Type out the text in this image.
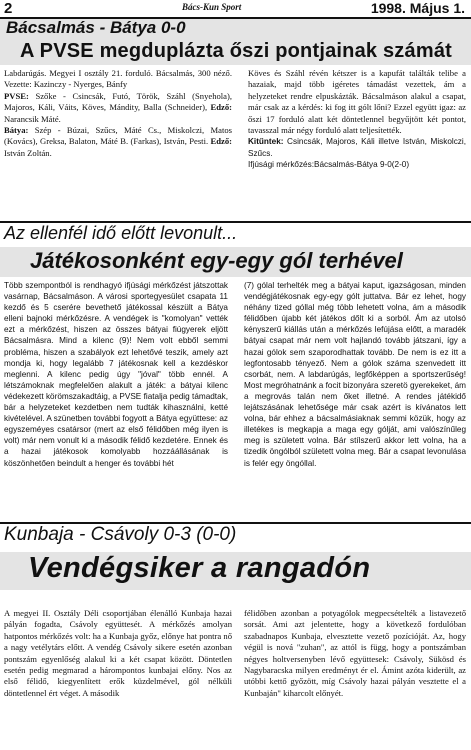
2	Bács-Kun Sport	1998. Május 1.
Bácsalmás - Bátya 0-0
A PVSE megduplázta őszi pontjainak számát

Labdarúgás. Megyei I osztály 21. forduló. Bácsalmás, 300 néző. Vezette: Kazinczy - Nyerges, Bánfy

PVSE: Szőke - Csincsák, Futó, Török, Száhl (Snyehola), Majoros, Káli, Váits, Köves, Mándity, Balla (Schneider), Edző: Narancsik Máté.

Bátya: Szép - Búzai, Szűcs, Máté Cs., Miskolczi, Matos (Kovács), Greksa, Balaton, Máté B. (Farkas), István, Pesti. Edző: István Zoltán.

Köves és Száhl révén kétszer is a kapufát találták telibe a hazaiak, majd több igéretes támadást vezettek, ám a helyzeteket rendre elpuskázták. Bácsalmáson alakul a csapat, már csak az a kérdés: ki fog itt gólt lőni? Ezzel együtt igaz: az őszi 17 forduló alatt két döntetlennel begyűjtött két pontot, tavasszal már négy forduló alatt teljesítették.

Kitűntek: Csincsák, Majoros, Káli illetve István, Miskolczi, Szűcs.

Ifjúsági mérkőzés:Bácsalmás-Bátya 9-0(2-0)

Az ellenfél idő előtt levonult...
Játékosonként egy-egy gól terhével

Több szempontból is rendhagyó ifjúsági mérkőzést játszottak vasárnap, Bácsalmáson. A városi sportegyesület csapata 11 kezdő és 5 cserére bevethető játékossal készült a Bátya elleni bajnoki mérkőzésre. A vendégek is "komolyan" vették ezt a mérkőzést, hiszen az összes bátyai fiúgyerek eljött Bácsalmásra. Mind a kilenc (9)! Nem volt ebből semmi probléma, hiszen a szabályok ezt lehetővé teszik, amely azt mondja ki, hogy legalább 7 játékosnak kell a kezdéskor meglenni. A kilenc pedig úgy "jóval" több ennél. A létszámoknak megfelelően alakult a játék: a bátyai kilenc védekezett körömszakadtáig, a PVSE fiatalja pedig támadtak, bár a helyzeteket kezdetben nem tudták kihasználni, ketté kivételével. A szünetben további fogyott a Bátya együttese: az egyszeméyes csatársor (mert az első félidőben még ilyen is volt) már nem vonult ki a második félidő kezdetére. Ennek és a hazai játékosok komolyabb hozzáállásának is köszönhetően beindult a henger és további hét

(7) gólal terhelték meg a bátyai kaput, igazságosan, minden vendégjátékosnak egy-egy gólt juttatva. Bár ez lehet, hogy néhány tized góllal még több lehetett volna, ám a második félidőben újabb két játékos dőlt ki a sorból. Ám az utolsó kényszerű kiállás után a mérkőzés lefújása előtt, a maradék bátyai csapat már nem volt hajlandó tovább játszani, így a hazai gólok sem szaporodhattak tovább. De nem is ez itt a legfontosabb tényező. Nem a gólok száma szenvedett itt csorbát, nem. A labdarúgás, legfőképpen a sportszerűség! Most megróhatnánk a focit bizonyára szeretö gyerekeket, ám a megrovás talán nem őket illetné. A rendes játékidő lejátszásának lehetősége már csak azért is kívánatos lett volna, bár ehhez a bácsalmásiaknak semmi közük, hogy az illetékes is megkapja a maga egy gólját, ami valószínűleg meg is született volna. Bár stílszerű akkor lett volna, ha a tizedik öngólból született volna meg. Bár a csapat levonulása is felér egy öngóllal.

Kunbaja - Csávoly 0-3 (0-0)
Vendégsiker a rangadón

A megyei II. Osztály Déli csoportjában élenálló Kunbaja hazai pályán fogadta, Csávoly együttesét. A mérkőzés amolyan hatpontos mérkőzés volt: ha a Kunbaja győz, előnye hat pontra nő a nagy vetélytárs előtt. A vendég Csávoly sikere esetén azonban pontszám egyenlőség alakul ki a két csapat között. Döntetlen esetén pedig megmarad a hárompontos kunbajai előny. Nos az első félidő, kiegyenlített erők küzdelmével, gól nélküli döntetlennel ért véget. A második

félidőben azonban a potyagólok megpecsételték a listavezető sorsát. Ami azt jelentette, hogy a következő fordulóban szabadnapos Kunbaja, elvesztette vezető pozícióját. Az, hogy végül is nová "zuhan", az attól is függ, hogy a pontszámban négyes holtversenyben lévő együttesek: Csávoly, Sükösd és Nagybaracska milyen eredményt ér el. Ámint azóta kiderült, az utóbbi kettő győzött, míg Csávoly hazai pályán vesztette el a Kunbaján" kiharcolt előnyét.
